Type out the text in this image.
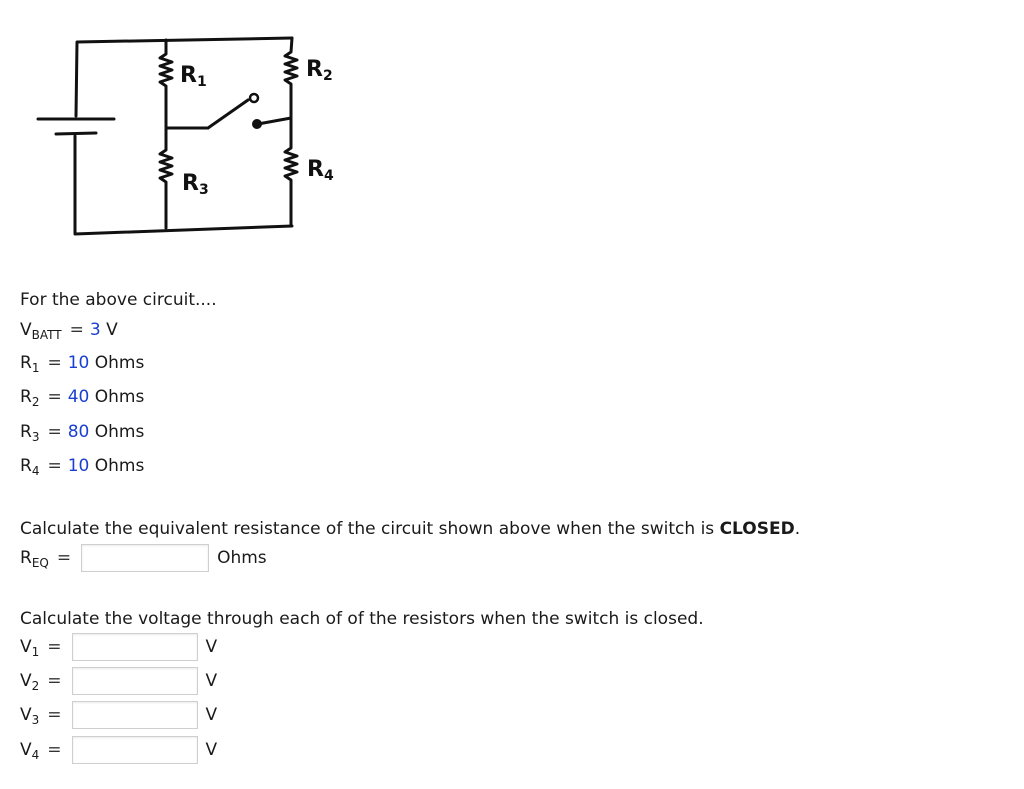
R1	R2
R3
R4
For the above circuit....
$V_{BATT} = 3$ V
$R_1 = 10$ Ohms
$R_2 = 40$ Ohms
$R_3 = 80$ Ohms
$R_4 = 10$ Ohms
Calculate the equivalent resistance of the circuit shown above when the switch is CLOSED.
$R_{EQ}$ =	Ohms
Calculate the voltage through each of of the resistors when the switch is closed.
$V_1$ =	V
$V_2$ =	V
$V_3$ =	V
$V_4$ =	V
